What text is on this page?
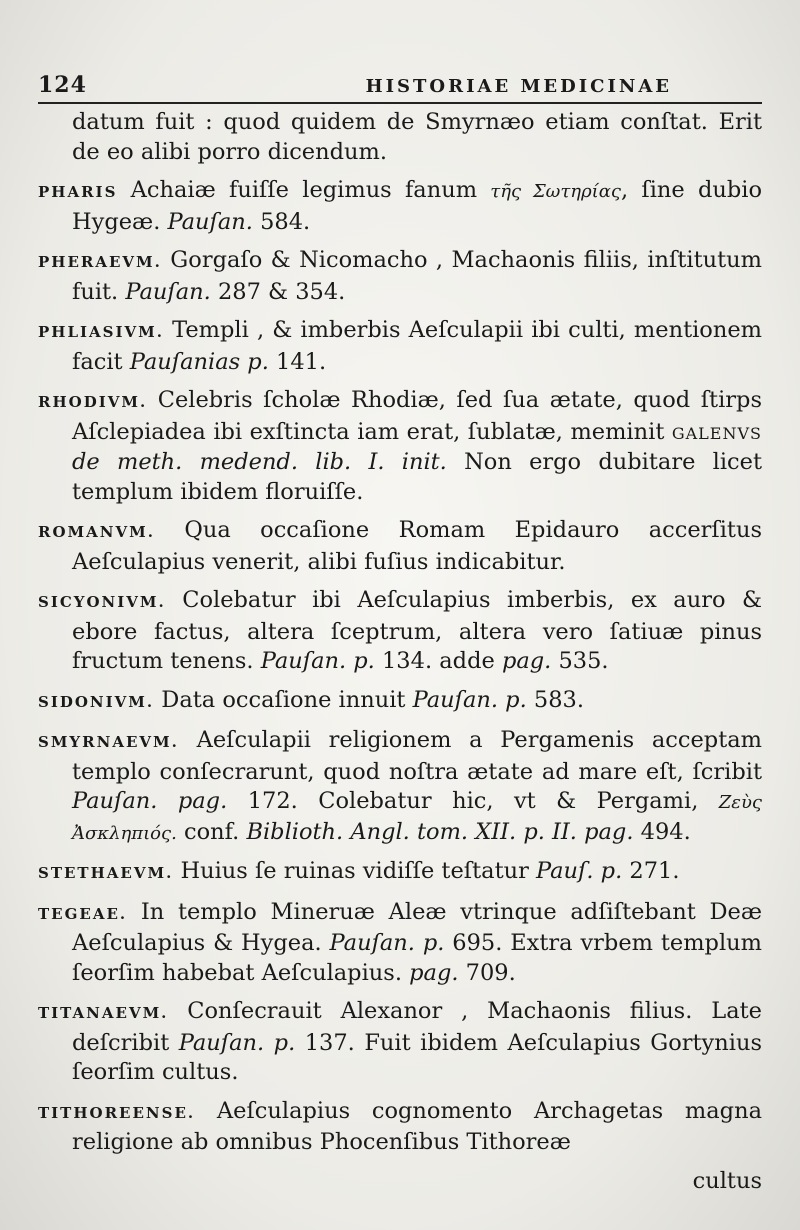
124	HISTORIAE MEDICINAE

datum fuit : quod quidem de Smyrnæo etiam conſtat. Erit de eo alibi porro dicendum.

PHARIS Achaiæ fuiſſe legimus fanum τῆς Σωτηρίας, ſine dubio Hygeæ. Pauſan. 584.

PHERAEVM. Gorgaſo & Nicomacho , Machaonis filiis, inſtitutum fuit. Pauſan. 287 & 354.

PHLIASIVM. Templi , & imberbis Aeſculapii ibi culti, mentionem facit Pauſanias p. 141.

RHODIVM. Celebris ſcholæ Rhodiæ, ſed ſua ætate, quod ſtirps Aſclepiadea ibi exſtincta iam erat, ſublatæ, meminit GALENVS de meth. medend. lib. I. init. Non ergo dubitare licet templum ibidem floruiſſe.

ROMANVM. Qua occaſione Romam Epidauro accerſitus Aeſculapius venerit, alibi fuſius indicabitur.

SICYONIVM. Colebatur ibi Aeſculapius imberbis, ex auro & ebore factus, altera ſceptrum, altera vero ſatiuæ pinus fructum tenens. Pauſan. p. 134. adde pag. 535.

SIDONIVM. Data occaſione innuit Pauſan. p. 583.

SMYRNAEVM. Aeſculapii religionem a Pergamenis acceptam templo conſecrarunt, quod noſtra ætate ad mare eſt, ſcribit Pauſan. pag. 172. Colebatur hic, vt & Pergami, Ζεὺς Ἀσκληπιός. conf. Biblioth. Angl. tom. XII. p. II. pag. 494.

STETHAEVM. Huius ſe ruinas vidiſſe teſtatur Pauſ. p. 271.

TEGEAE. In templo Mineruæ Aleæ vtrinque adſiſtebant Deæ Aeſculapius & Hygea. Pauſan. p. 695. Extra vrbem templum ſeorſim habebat Aeſculapius. pag. 709.

TITANAEVM. Conſecrauit Alexanor , Machaonis filius. Late deſcribit Pauſan. p. 137. Fuit ibidem Aeſculapius Gortynius ſeorſim cultus.

TITHOREENSE. Aeſculapius cognomento Archagetas magna religione ab omnibus Phocenſibus Tithoreæ

cultus
